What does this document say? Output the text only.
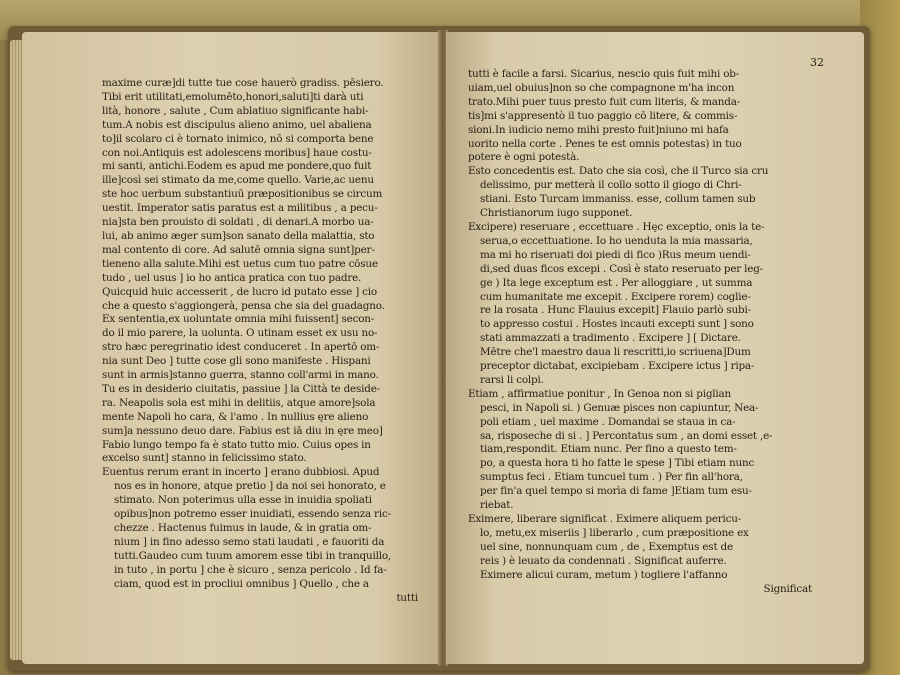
maxime curæ]di tutte tue cose hauerò gradiss. pēsiero.
Tibi erit utilitati,emolumēto,honori,saluti]ti darà uti
lità, honore , salute , Cum ablatiuo significante habi-
tum.A nobis est discipulus alieno animo, uel abaliena
to]il scolaro ci è tornato inimico, nō si comporta bene
con noi.Antiquis est adolescens moribus] haue costu-
mi santi, antichi.Eodem es apud me pondere,quo fuit
ille]così sei stimato da me,come quello. Varie,ac uenu
ste hoc uerbum substantiuū præpositionibus se circum
uestit. Imperator satis paratus est a militibus , a pecu-
nia]sta ben prouisto di soldati , di denari.A morbo ua-
lui, ab animo æger sum]son sanato della malattia, sto
mal contento di core. Ad salutē omnia signa sunt]per-
tieneno alla salute.Mihi est uetus cum tuo patre cōsue
tudo , uel usus ] io ho antica pratica con tuo padre.
Quicquid huic accesserit , de lucro id putato esse ] cio
che a questo s'aggiongerà, pensa che sia del guadagno.
Ex sententia,ex uoluntate omnia mihi fuissent] secon-
do il mio parere, la uolunta. O utinam esset ex usu no-
stro hæc peregrinatio idest conduceret . In apertō om-
nia sunt Deo ] tutte cose gli sono manifeste . Hispani
sunt in armis]stanno guerra, stanno coll'armi in mano.
Tu es in desiderio ciuitatis, passiue ] la Città te deside-
ra. Neapolis sola est mihi in delitiis, atque amore]sola
mente Napoli ho cara, & l'amo . In nullius ęre alieno
sum]a nessuno deuo dare. Fabius est iā diu in ęre meo]
Fabio lungo tempo fa è stato tutto mio. Cuius opes in
excelso sunt] stanno in felicissimo stato.
Euentus rerum erant in incerto ] erano dubbiosi. Apud
nos es in honore, atque pretio ] da noi sei honorato, e
stimato. Non poterimus ulla esse in inuidia spoliati
opibus]non potremo esser inuidiati, essendo senza ric-
chezze . Hactenus fuimus in laude, & in gratia om-
nium ] in fino adesso semo stati laudati , e fauoriti da
tutti.Gaudeo cum tuum amorem esse tibi in tranquillo,
in tuto , in portu ] che è sicuro , senza pericolo . Id fa-
ciam, quod est in procliui omnibus ] Quello , che a
tutti
32
tutti è facile a farsi. Sicarius, nescio quis fuit mihi ob-
uiam,uel obuius]non so che compagnone m'ha incon
trato.Mihi puer tuus presto fuit cum literis, & manda-
tis]mi s'appresentò il tuo paggio cō litere, & commis-
sioni.In iudicio nemo mihi presto fuit]niuno mi hafa
uorito nella corte . Penes te est omnis potestas) in tuo
potere è ogni potestà.
Esto concedentis est. Dato che sia così, che il Turco sia cru
delissimo, pur metterà il collo sotto il giogo di Chri-
stiani. Esto Turcam immaniss. esse, collum tamen sub
Christianorum iugo supponet.
Excipere) reseruare , eccettuare . Hęc exceptio, onis la te-
serua,o eccettuatione. Io ho uenduta la mia massaria,
ma mi ho riseruati doi piedi di fico )Rus meum uendi-
di,sed duas ficos excepi . Così è stato reseruato per leg-
ge ) Ita lege exceptum est . Per alloggiare , ut summa
cum humanitate me excepit . Excipere rorem) coglie-
re la rosata . Hunc Flauius excepit] Flauio parlò subi-
to appresso costui . Hostes incauti excepti sunt ] sono
stati ammazzati a tradimento . Excipere ] [ Dictare.
Mētre che'l maestro daua li rescritti,io scriuena]Dum
preceptor dictabat, excipiebam . Excipere ictus ] ripa-
rarsi li colpi.
Etiam , affirmatiue ponitur , In Genoa non si piglian
pesci, in Napoli si. ) Genuæ pisces non capiuntur, Nea-
poli etiam , uel maxime . Domandai se staua in ca-
sa, risposeche di si . ] Percontatus sum , an domi esset ,e-
tiam,respondit. Etiam nunc. Per fino a questo tem-
po, a questa hora ti ho fatte le spese ] Tibi etiam nunc
sumptus feci . Etiam tuncuel tum . ) Per fin all'hora,
per fin'a quel tempo si morìa di fame ]Etiam tum esu-
riebat.
Eximere, liberare significat . Eximere aliquem pericu-
lo, metu,ex miseriis ] liberarlo , cum præpositione ex
uel sine, nonnunquam cum , de , Exemptus est de
reis ) è leuato da condennati . Significat auferre.
Eximere alicui curam, metum ) togliere l'affanno
Significat
